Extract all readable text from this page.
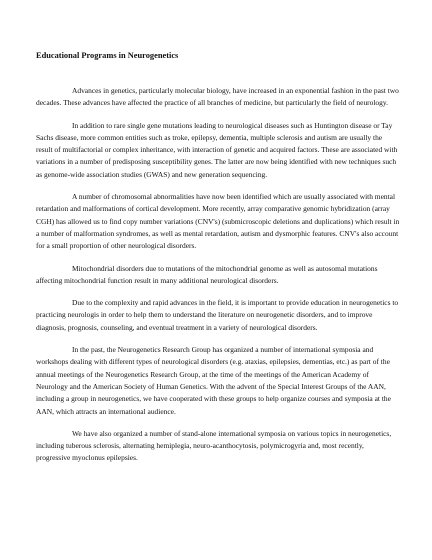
Educational Programs in Neurogenetics

Advances in genetics, particularly molecular biology, have increased in an exponential fashion in the past two decades. These advances have affected the practice of all branches of medicine, but particularly the field of neurology.

In addition to rare single gene mutations leading to neurological diseases such as Huntington disease or Tay Sachs disease, more common entities such as troke, epilepsy, dementia, multiple sclerosis and autism are usually the result of multifactorial or complex inheritance, with interaction of genetic and acquired factors. These are associated with variations in a number of predisposing susceptibility genes. The latter are now being identified with new techniques such as genome-wide association studies (GWAS) and new generation sequencing.

A number of chromosomal abnormalities have now been identified which are usually associated with mental retardation and malformations of cortical development. More recently, array comparative genomic hybridization (array CGH) has allowed us to find copy number variations (CNV's) (submicroscopic deletions and duplications) which result in a number of malformation syndromes, as well as mental retardation, autism and dysmorphic features. CNV's also account for a small proportion of other neurological disorders.

Mitochondrial disorders due to mutations of the mitochondrial genome as well as autosomal mutations affecting mitochondrial function result in many additional neurological disorders.

Due to the complexity and rapid advances in the field, it is important to provide education in neurogenetics to practicing neurologis in order to help them to understand the literature on neurogenetic disorders, and to improve diagnosis, prognosis, counseling, and eventual treatment in a variety of neurological disorders.

In the past, the Neurogenetics Research Group has organized a number of international symposia and workshops dealing with different types of neurological disorders (e.g. ataxias, epilepsies, dementias, etc.) as part of the annual meetings of the Neurogenetics Research Group, at the time of the meetings of the American Academy of Neurology and the American Society of Human Genetics. With the advent of the Special Interest Groups of the AAN, including a group in neurogenetics, we have cooperated with these groups to help organize courses and symposia at the AAN, which attracts an international audience.

We have also organized a number of stand-alone international symposia on various topics in neurogenetics, including tuberous sclerosis, alternating hemiplegia, neuro-acanthocytosis, polymicrogyria and, most recently, progressive myoclonus epilepsies.
